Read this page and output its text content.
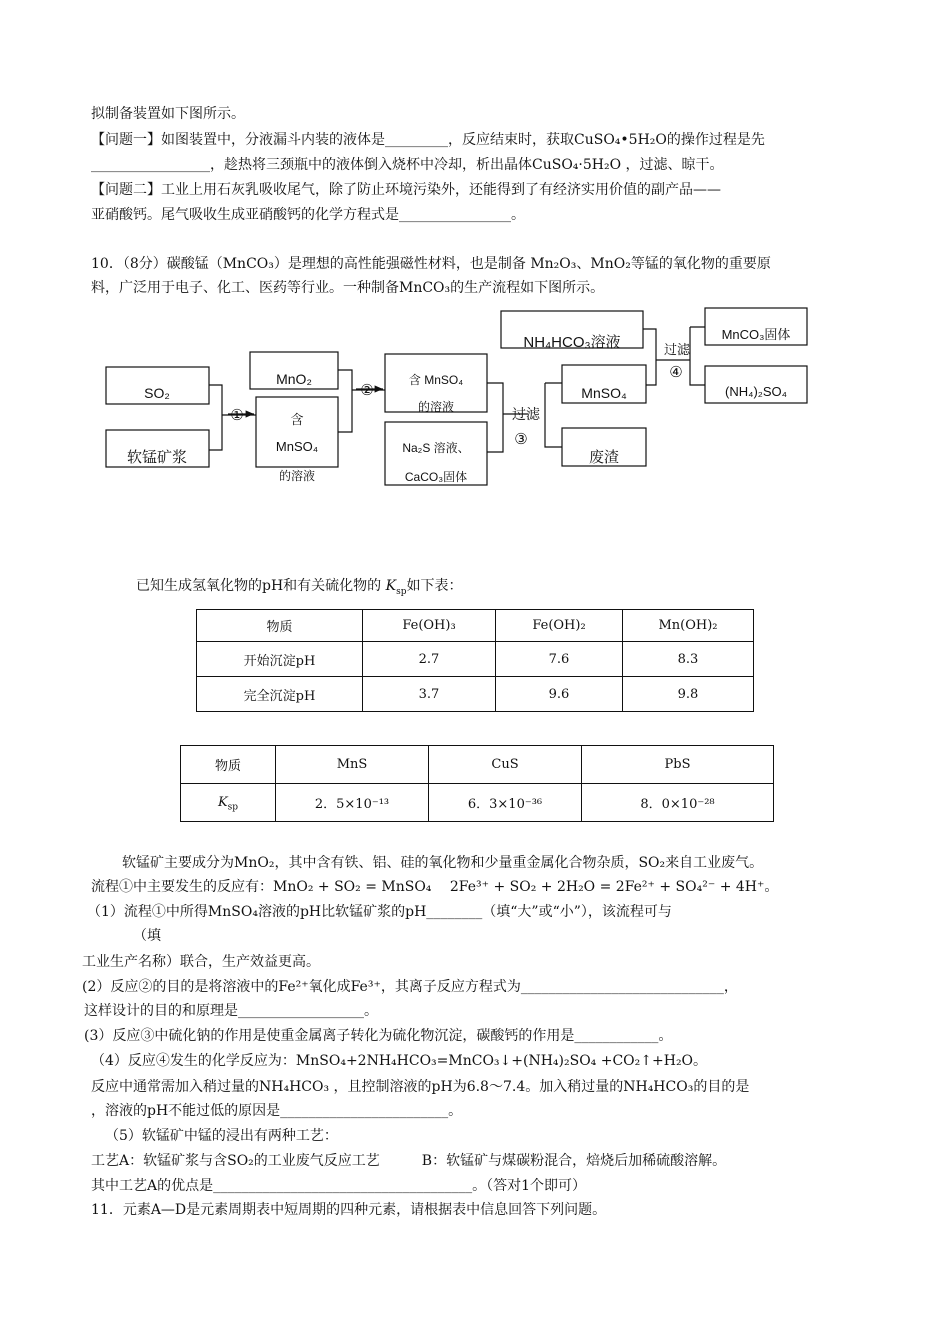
拟制备装置如下图所示。
【问题一】如图装置中，分液漏斗内装的液体是_________，反应结束时，获取CuSO₄•5H₂O的操作过程是先
_________________，趁热将三颈瓶中的液体倒入烧杯中冷却，析出晶体CuSO₄·5H₂O ，过滤、晾干。
【问题二】工业上用石灰乳吸收尾气，除了防止环境污染外，还能得到了有经济实用价值的副产品——
亚硝酸钙。尾气吸收生成亚硝酸钙的化学方程式是________________。
10．（8分）碳酸锰（MnCO₃）是理想的高性能强磁性材料，也是制备 Mn₂O₃、MnO₂等锰的氧化物的重要原
料，广泛用于电子、化工、医药等行业。一种制备MnCO₃的生产流程如下图所示。
SO₂
软锰矿浆
MnO₂
含
MnSO₄
的溶液
含 MnSO₄
的溶液
Na₂S 溶液、
CaCO₃固体
NH₄HCO₃溶液
MnSO₄
废渣
MnCO₃固体
(NH₄)₂SO₄
①
②
过滤
③
过滤
④
已知生成氢氧化物的pH和有关硫化物的 $K_{sp}$如下表：
物质	Fe(OH)₃	Fe(OH)₂	Mn(OH)₂
开始沉淀pH	2.7	7.6	8.3
完全沉淀pH	3.7	9.6	9.8
物质	MnS	CuS	PbS
$K_{sp}$	2．5×10⁻¹³	6．3×10⁻³⁶	8．0×10⁻²⁸
软锰矿主要成分为MnO₂，其中含有铁、铝、硅的氧化物和少量重金属化合物杂质，SO₂来自工业废气。
流程①中主要发生的反应有：MnO₂ + SO₂ = MnSO₄　 2Fe³⁺ + SO₂ + 2H₂O = 2Fe²⁺ + SO₄²⁻ + 4H⁺。
（1）流程①中所得MnSO₄溶液的pH比软锰矿浆的pH________（填“大”或“小”），该流程可与
（填
工业生产名称）联合，生产效益更高。
(2）反应②的目的是将溶液中的Fe²⁺氧化成Fe³⁺，其离子反应方程式为_____________________________，
这样设计的目的和原理是__________________。
(3）反应③中硫化钠的作用是使重金属离子转化为硫化物沉淀，碳酸钙的作用是____________。
（4）反应④发生的化学反应为：MnSO₄+2NH₄HCO₃=MnCO₃↓+(NH₄)₂SO₄ +CO₂↑+H₂O。
反应中通常需加入稍过量的NH₄HCO₃ ，且控制溶液的pH为6.8～7.4。加入稍过量的NH₄HCO₃的目的是
，溶液的pH不能过低的原因是________________________。
（5）软锰矿中锰的浸出有两种工艺：
工艺A：软锰矿浆与含SO₂的工业废气反应工艺　　　B：软锰矿与煤碳粉混合，焙烧后加稀硫酸溶解。
其中工艺A的优点是_____________________________________。（答对1个即可）
11．元素A—D是元素周期表中短周期的四种元素，请根据表中信息回答下列问题。
